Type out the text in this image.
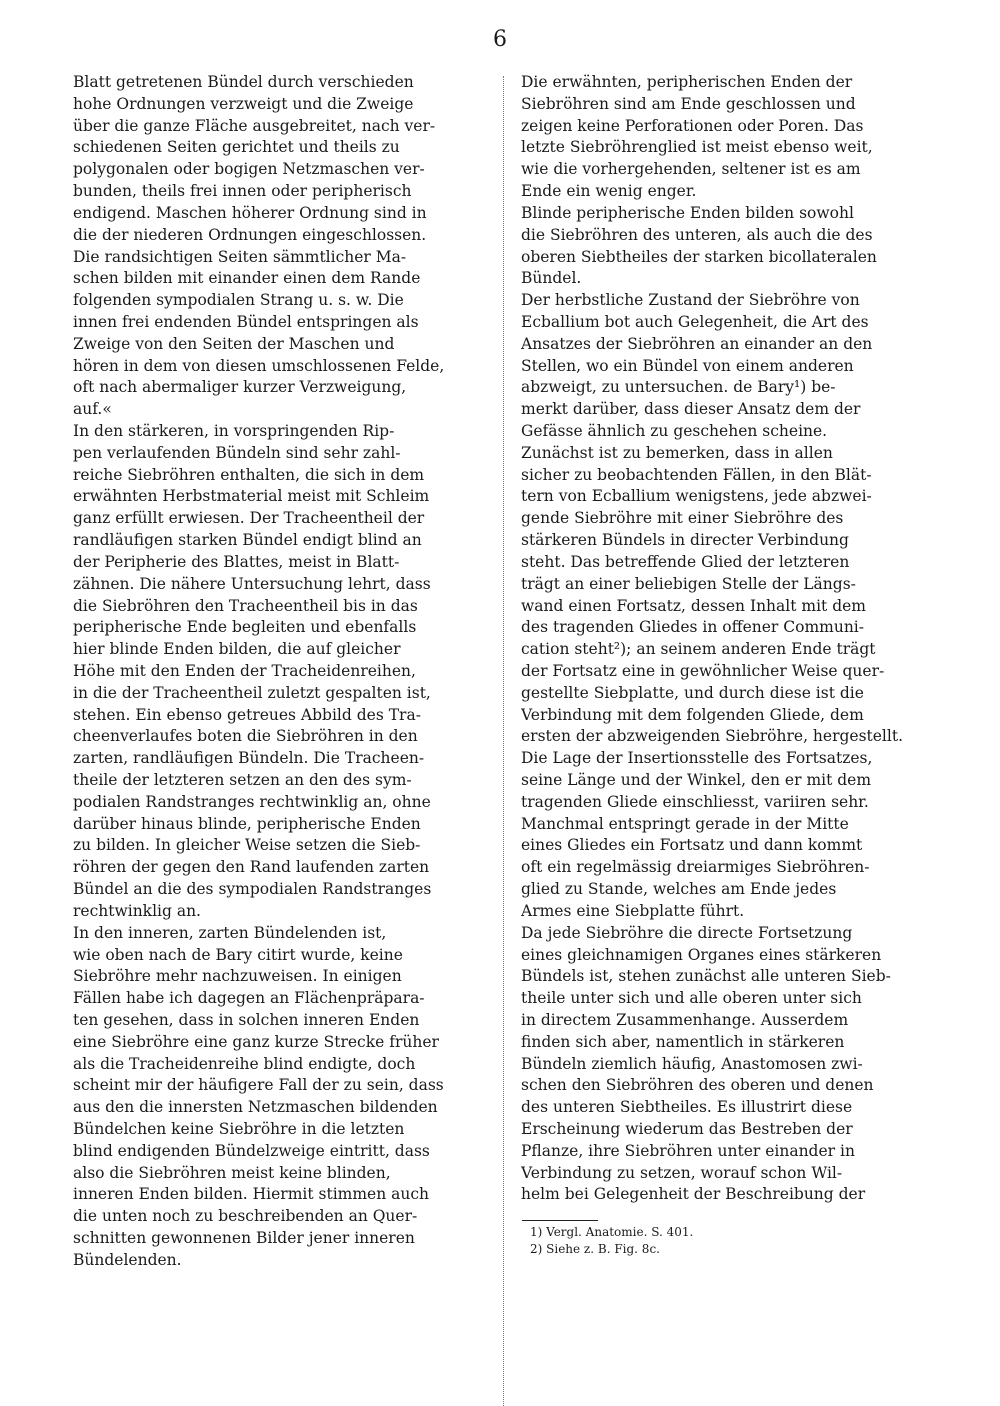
6
Blatt getretenen Bündel durch verschieden
hohe Ordnungen verzweigt und die Zweige
über die ganze Fläche ausgebreitet, nach ver-
schiedenen Seiten gerichtet und theils zu
polygonalen oder bogigen Netzmaschen ver-
bunden, theils frei innen oder peripherisch
endigend. Maschen höherer Ordnung sind in
die der niederen Ordnungen eingeschlossen.
Die randsichtigen Seiten sämmtlicher Ma-
schen bilden mit einander einen dem Rande
folgenden sympodialen Strang u. s. w. Die
innen frei endenden Bündel entspringen als
Zweige von den Seiten der Maschen und
hören in dem von diesen umschlossenen Felde,
oft nach abermaliger kurzer Verzweigung,
auf.«
In den stärkeren, in vorspringenden Rip-
pen verlaufenden Bündeln sind sehr zahl-
reiche Siebröhren enthalten, die sich in dem
erwähnten Herbstmaterial meist mit Schleim
ganz erfüllt erwiesen. Der Tracheentheil der
randläufigen starken Bündel endigt blind an
der Peripherie des Blattes, meist in Blatt-
zähnen. Die nähere Untersuchung lehrt, dass
die Siebröhren den Tracheentheil bis in das
peripherische Ende begleiten und ebenfalls
hier blinde Enden bilden, die auf gleicher
Höhe mit den Enden der Tracheidenreihen,
in die der Tracheentheil zuletzt gespalten ist,
stehen. Ein ebenso getreues Abbild des Tra-
cheenverlaufes boten die Siebröhren in den
zarten, randläufigen Bündeln. Die Tracheen-
theile der letzteren setzen an den des sym-
podialen Randstranges rechtwinklig an, ohne
darüber hinaus blinde, peripherische Enden
zu bilden. In gleicher Weise setzen die Sieb-
röhren der gegen den Rand laufenden zarten
Bündel an die des sympodialen Randstranges
rechtwinklig an.
In den inneren, zarten Bündelenden ist,
wie oben nach de Bary citirt wurde, keine
Siebröhre mehr nachzuweisen. In einigen
Fällen habe ich dagegen an Flächenpräpara-
ten gesehen, dass in solchen inneren Enden
eine Siebröhre eine ganz kurze Strecke früher
als die Tracheidenreihe blind endigte, doch
scheint mir der häufigere Fall der zu sein, dass
aus den die innersten Netzmaschen bildenden
Bündelchen keine Siebröhre in die letzten
blind endigenden Bündelzweige eintritt, dass
also die Siebröhren meist keine blinden,
inneren Enden bilden. Hiermit stimmen auch
die unten noch zu beschreibenden an Quer-
schnitten gewonnenen Bilder jener inneren
Bündelenden.
Die erwähnten, peripherischen Enden der
Siebröhren sind am Ende geschlossen und
zeigen keine Perforationen oder Poren. Das
letzte Siebröhrenglied ist meist ebenso weit,
wie die vorhergehenden, seltener ist es am
Ende ein wenig enger.
Blinde peripherische Enden bilden sowohl
die Siebröhren des unteren, als auch die des
oberen Siebtheiles der starken bicollateralen
Bündel.
Der herbstliche Zustand der Siebröhre von
Ecballium bot auch Gelegenheit, die Art des
Ansatzes der Siebröhren an einander an den
Stellen, wo ein Bündel von einem anderen
abzweigt, zu untersuchen. de Bary¹) be-
merkt darüber, dass dieser Ansatz dem der
Gefässe ähnlich zu geschehen scheine.
Zunächst ist zu bemerken, dass in allen
sicher zu beobachtenden Fällen, in den Blät-
tern von Ecballium wenigstens, jede abzwei-
gende Siebröhre mit einer Siebröhre des
stärkeren Bündels in directer Verbindung
steht. Das betreffende Glied der letzteren
trägt an einer beliebigen Stelle der Längs-
wand einen Fortsatz, dessen Inhalt mit dem
des tragenden Gliedes in offener Communi-
cation steht²); an seinem anderen Ende trägt
der Fortsatz eine in gewöhnlicher Weise quer-
gestellte Siebplatte, und durch diese ist die
Verbindung mit dem folgenden Gliede, dem
ersten der abzweigenden Siebröhre, hergestellt.
Die Lage der Insertionsstelle des Fortsatzes,
seine Länge und der Winkel, den er mit dem
tragenden Gliede einschliesst, variiren sehr.
Manchmal entspringt gerade in der Mitte
eines Gliedes ein Fortsatz und dann kommt
oft ein regelmässig dreiarmiges Siebröhren-
glied zu Stande, welches am Ende jedes
Armes eine Siebplatte führt.
Da jede Siebröhre die directe Fortsetzung
eines gleichnamigen Organes eines stärkeren
Bündels ist, stehen zunächst alle unteren Sieb-
theile unter sich und alle oberen unter sich
in directem Zusammenhange. Ausserdem
finden sich aber, namentlich in stärkeren
Bündeln ziemlich häufig, Anastomosen zwi-
schen den Siebröhren des oberen und denen
des unteren Siebtheiles. Es illustrirt diese
Erscheinung wiederum das Bestreben der
Pflanze, ihre Siebröhren unter einander in
Verbindung zu setzen, worauf schon Wil-
helm bei Gelegenheit der Beschreibung der
1) Vergl. Anatomie. S. 401.
2) Siehe z. B. Fig. 8c.
